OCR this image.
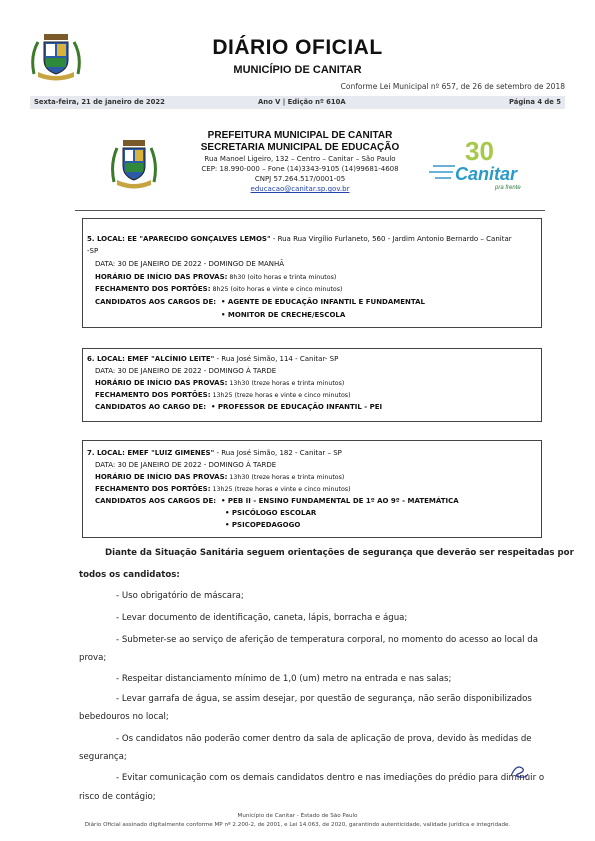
DIÁRIO OFICIAL
MUNICÍPIO DE CANITAR
Conforme Lei Municipal nº 657, de 26 de setembro de 2018
Sexta-feira, 21 de janeiro de 2022	Ano V | Edição nº 610A	Página 4 de 5
PREFEITURA MUNICIPAL DE CANITAR
SECRETARIA MUNICIPAL DE EDUCAÇÃO
Rua Manoel Ligeiro, 132 – Centro – Canitar – São Paulo
CEP: 18.990-000 – Fone (14)3343-9105 (14)99681-4608
CNPJ 57.264.517/0001-05
educacao@canitar.sp.gov.br
30
Canitar
pra frente
5. LOCAL: EE "APARECIDO GONÇALVES LEMOS" - Rua Rua Virgílio Furlaneto, 560 - Jardim Antonio Bernardo – Canitar
-SP
DATA: 30 DE JANEIRO DE 2022 - DOMINGO DE MANHÃ
HORÁRIO DE INÍCIO DAS PROVAS: 8h30 (oito horas e trinta minutos)
FECHAMENTO DOS PORTÕES: 8h25 (oito horas e vinte e cinco minutos)
CANDIDATOS AOS CARGOS DE: • AGENTE DE EDUCAÇÃO INFANTIL E FUNDAMENTAL
• MONITOR DE CRECHE/ESCOLA
6. LOCAL: EMEF "ALCÍNIO LEITE" - Rua José Simão, 114 - Canitar- SP
DATA: 30 DE JANEIRO DE 2022 - DOMINGO À TARDE
HORÁRIO DE INÍCIO DAS PROVAS: 13h30 (treze horas e trinta minutos)
FECHAMENTO DOS PORTÕES: 13h25 (treze horas e vinte e cinco minutos)
CANDIDATOS AO CARGO DE: • PROFESSOR DE EDUCAÇÃO INFANTIL - PEI
7. LOCAL: EMEF "LUIZ GIMENES" - Rua José Simão, 182 - Canitar – SP
DATA: 30 DE JANEIRO DE 2022 - DOMINGO À TARDE
HORÁRIO DE INÍCIO DAS PROVAS: 13h30 (treze horas e trinta minutos)
FECHAMENTO DOS PORTÕES: 13h25 (treze horas e vinte e cinco minutos)
CANDIDATOS AOS CARGOS DE: • PEB II - ENSINO FUNDAMENTAL DE 1º AO 9º - MATEMÁTICA
• PSICÓLOGO ESCOLAR
• PSICOPEDAGOGO
Diante da Situação Sanitária seguem orientações de segurança que deverão ser respeitadas por
todos os candidatos:
- Uso obrigatório de máscara;
- Levar documento de identificação, caneta, lápis, borracha e água;
- Submeter-se ao serviço de aferição de temperatura corporal, no momento do acesso ao local da
prova;
- Respeitar distanciamento mínimo de 1,0 (um) metro na entrada e nas salas;
- Levar garrafa de água, se assim desejar, por questão de segurança, não serão disponibilizados
bebedouros no local;
- Os candidatos não poderão comer dentro da sala de aplicação de prova, devido às medidas de
segurança;
- Evitar comunicação com os demais candidatos dentro e nas imediações do prédio para diminuir o
risco de contágio;
Município de Canitar - Estado de São Paulo
Diário Oficial assinado digitalmente conforme MP nº 2.200-2, de 2001, e Lei 14.063, de 2020, garantindo autenticidade, validade jurídica e integridade.
